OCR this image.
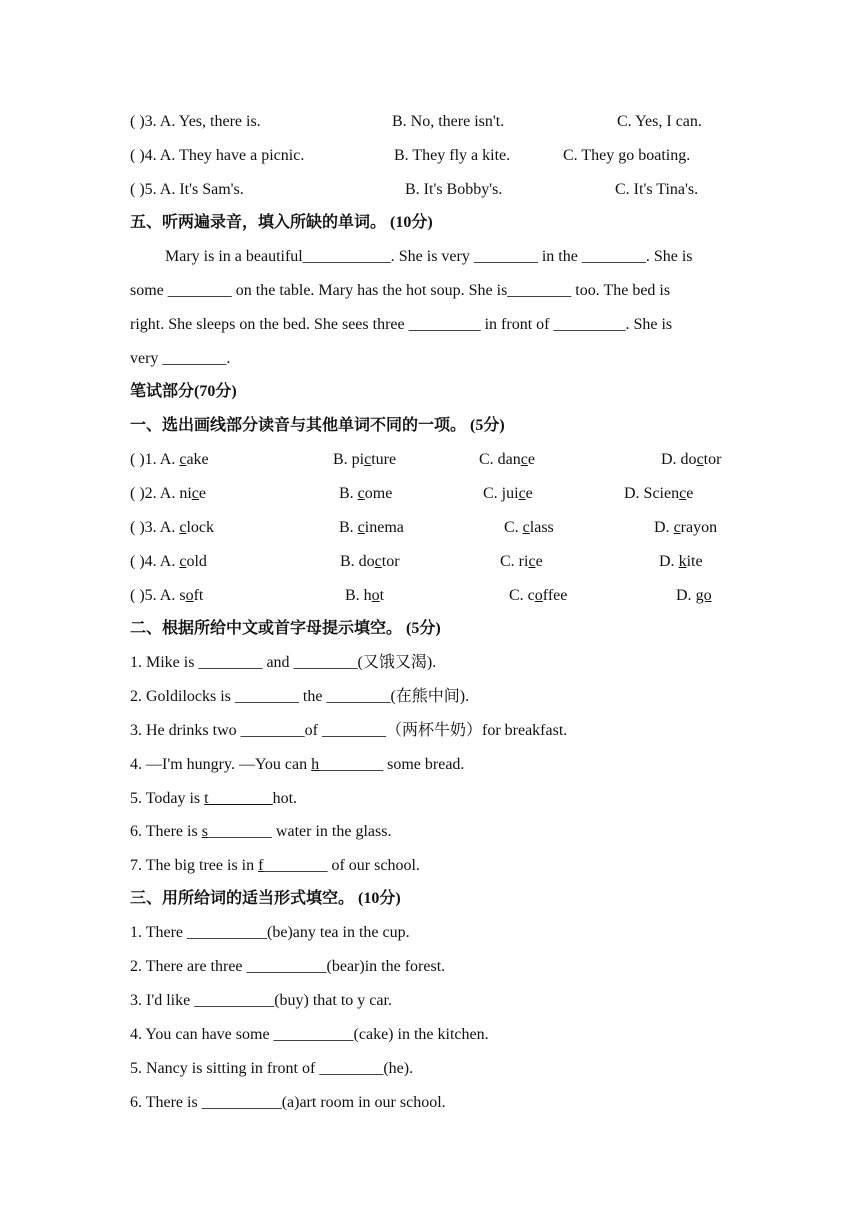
( )3. A. Yes, there is.	B. No, there isn't.	C. Yes, I can.
( )4. A. They have a picnic.	B. They fly a kite.	C. They go boating.
( )5. A. It's Sam's.	B. It's Bobby's.	C. It's Tina's.
五、听两遍录音，填入所缺的单词。 (10分)
Mary is in a beautiful___________. She is very ________ in the ________. She is
some ________ on the table. Mary has the hot soup. She is________ too. The bed is
right. She sleeps on the bed. She sees three _________ in front of _________. She is
very ________.
笔试部分(70分)
一、选出画线部分读音与其他单词不同的一项。 (5分)
( )1. A. cake	B. picture	C. dance	D. doctor
( )2. A. nice	B. come	C. juice	D. Science
( )3. A. clock	B. cinema	C. class	D. crayon
( )4. A. cold	B. doctor	C. rice	D. kite
( )5. A. soft	B. hot	C. coffee	D. go
二、根据所给中文或首字母提示填空。 (5分)
1. Mike is ________ and ________(又饿又渴).
2. Goldilocks is ________ the ________(在熊中间).
3. He drinks two ________of ________（两杯牛奶）for breakfast.
4. —I'm hungry. —You can h________ some bread.
5. Today is t________hot.
6. There is s________ water in the glass.
7. The big tree is in f________ of our school.
三、用所给词的适当形式填空。 (10分)
1. There __________(be)any tea in the cup.
2. There are three __________(bear)in the forest.
3. I'd like __________(buy) that to y car.
4. You can have some __________(cake) in the kitchen.
5. Nancy is sitting in front of ________(he).
6. There is __________(a)art room in our school.
